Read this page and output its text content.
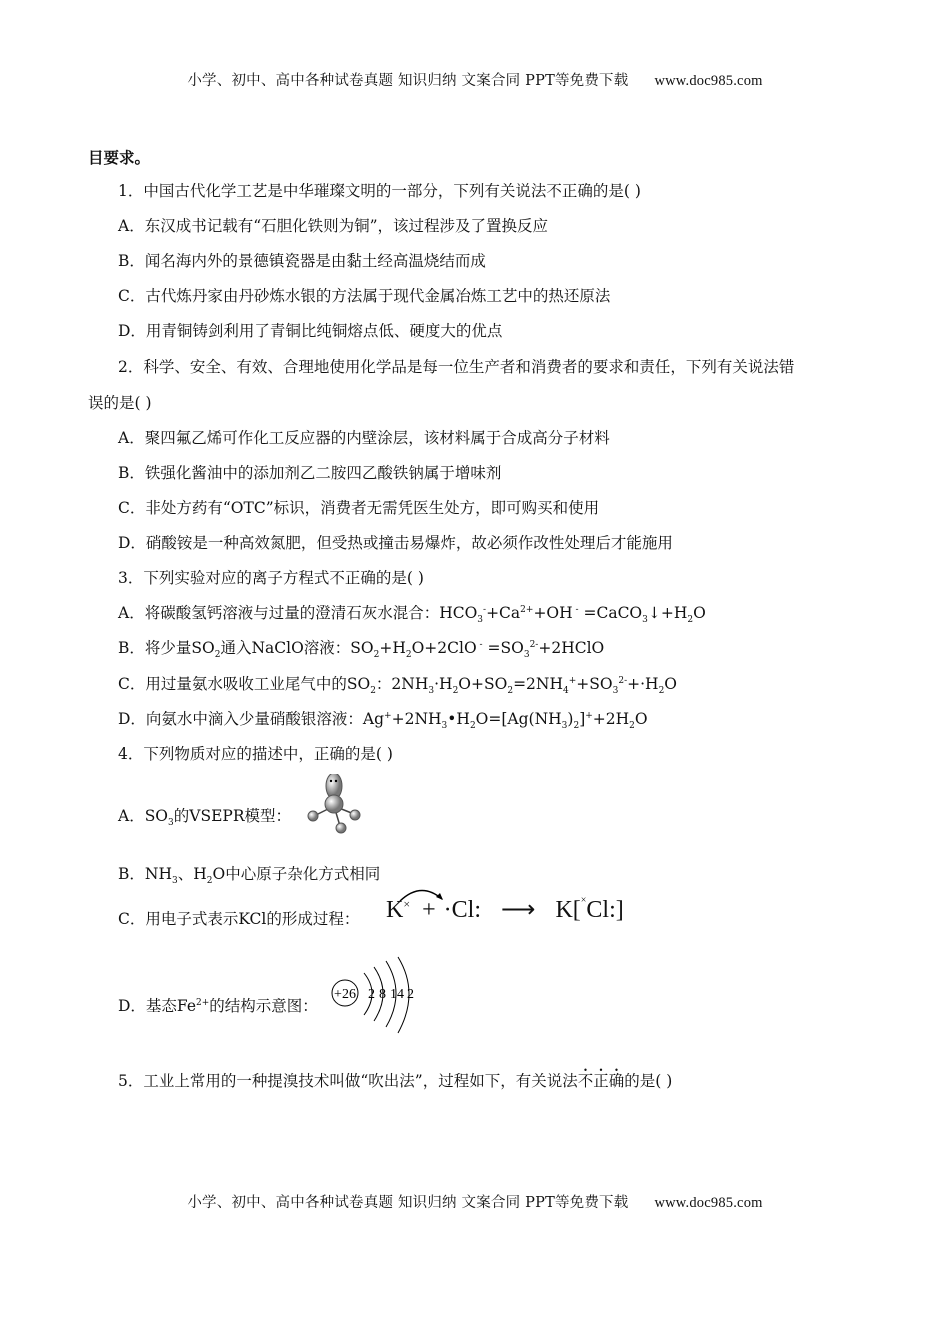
小学、初中、高中各种试卷真题 知识归纳 文案合同 PPT等免费下载 www.doc985.com
目要求。
1．中国古代化学工艺是中华璀璨文明的一部分，下列有关说法不正确的是( )
A．东汉成书记载有“石胆化铁则为铜”，该过程涉及了置换反应
B．闻名海内外的景德镇瓷器是由黏土经高温烧结而成
C．古代炼丹家由丹砂炼水银的方法属于现代金属冶炼工艺中的热还原法
D．用青铜铸剑利用了青铜比纯铜熔点低、硬度大的优点
2．科学、安全、有效、合理地使用化学品是每一位生产者和消费者的要求和责任，下列有关说法错
误的是( )
A．聚四氟乙烯可作化工反应器的内壁涂层，该材料属于合成高分子材料
B．铁强化酱油中的添加剂乙二胺四乙酸铁钠属于增味剂
C．非处方药有“OTC”标识，消费者无需凭医生处方，即可购买和使用
D．硝酸铵是一种高效氮肥，但受热或撞击易爆炸，故必须作改性处理后才能施用
3．下列实验对应的离子方程式不正确的是( )
A．将碳酸氢钙溶液与过量的澄清石灰水混合：$HCO_3^-+Ca^{2+}+OH$ $^- =CaCO_3↓+H_2O$
B．将少量$SO_2$通入NaClO溶液：$SO_2+H_2O+2ClO$ $^- =SO_3^{2-}+2HClO$
C．用过量氨水吸收工业尾气中的$SO_2$：$2NH_3\cdot H_2O+SO_2=2NH_4^++SO_3^{2-}+\cdot H_2O$
D．向氨水中滴入少量硝酸银溶液：$Ag^++2NH_3•H_2O=[Ag(NH_3)_2]^++2H_2O$
4．下列物质对应的描述中，正确的是( )
A．$SO_3$的VSEPR模型：
B．$NH_3$、$H_2O$中心原子杂化方式相同
C．用电子式表示KCl的形成过程：
D．基态$Fe^{2+}$的结构示意图：
5．工业上常用的一种提溴技术叫做“吹出法”，过程如下，有关说法不正确的是( )
K× + ·Cl: ⟶ K[×Cl:]
+26 2 8 14 2
小学、初中、高中各种试卷真题 知识归纳 文案合同 PPT等免费下载 www.doc985.com
